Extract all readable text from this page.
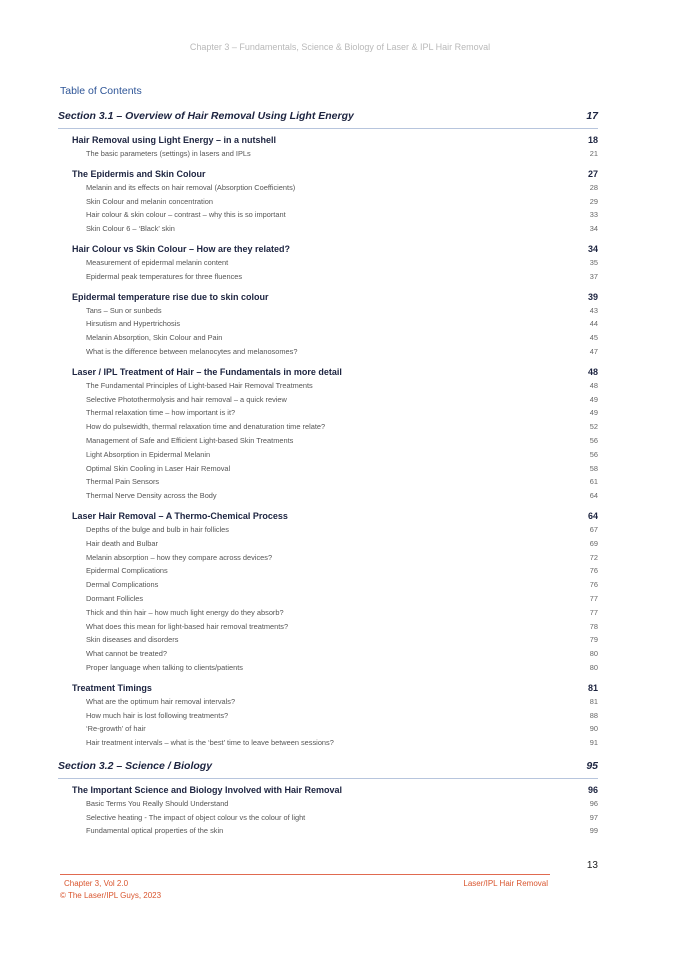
Chapter 3 – Fundamentals, Science & Biology of Laser & IPL Hair Removal
Table of Contents
Section 3.1 – Overview of Hair Removal Using Light Energy	17
Hair Removal using Light Energy – in a nutshell	18
The basic parameters (settings) in lasers and IPLs	21
The Epidermis and Skin Colour	27
Melanin and its effects on hair removal (Absorption Coefficients)	28
Skin Colour and melanin concentration	29
Hair colour & skin colour – contrast – why this is so important	33
Skin Colour 6 – ‘Black’ skin	34
Hair Colour vs Skin Colour – How are they related?	34
Measurement of epidermal melanin content	35
Epidermal peak temperatures for three fluences	37
Epidermal temperature rise due to skin colour	39
Tans – Sun or sunbeds	43
Hirsutism and Hypertrichosis	44
Melanin Absorption, Skin Colour and Pain	45
What is the difference between melanocytes and melanosomes?	47
Laser / IPL Treatment of Hair – the Fundamentals in more detail	48
The Fundamental Principles of Light-based Hair Removal Treatments	48
Selective Photothermolysis and hair removal – a quick review	49
Thermal relaxation time – how important is it?	49
How do pulsewidth, thermal relaxation time and denaturation time relate?	52
Management of Safe and Efficient Light-based Skin Treatments	56
Light Absorption in Epidermal Melanin	56
Optimal Skin Cooling in Laser Hair Removal	58
Thermal Pain Sensors	61
Thermal Nerve Density across the Body	64
Laser Hair Removal – A Thermo-Chemical Process	64
Depths of the bulge and bulb in hair follicles	67
Hair death and Bulbar	69
Melanin absorption – how they compare across devices?	72
Epidermal Complications	76
Dermal Complications	76
Dormant Follicles	77
Thick and thin hair – how much light energy do they absorb?	77
What does this mean for light-based hair removal treatments?	78
Skin diseases and disorders	79
What cannot be treated?	80
Proper language when talking to clients/patients	80
Treatment Timings	81
What are the optimum hair removal intervals?	81
How much hair is lost following treatments?	88
‘Re-growth’ of hair	90
Hair treatment intervals – what is the ‘best’ time to leave between sessions?	91
Section 3.2 – Science / Biology	95
The Important Science and Biology Involved with Hair Removal	96
Basic Terms You Really Should Understand	96
Selective heating - The impact of object colour vs the colour of light	97
Fundamental optical properties of the skin	99
13
Chapter 3, Vol 2.0	Laser/IPL Hair Removal
© The Laser/IPL Guys, 2023
